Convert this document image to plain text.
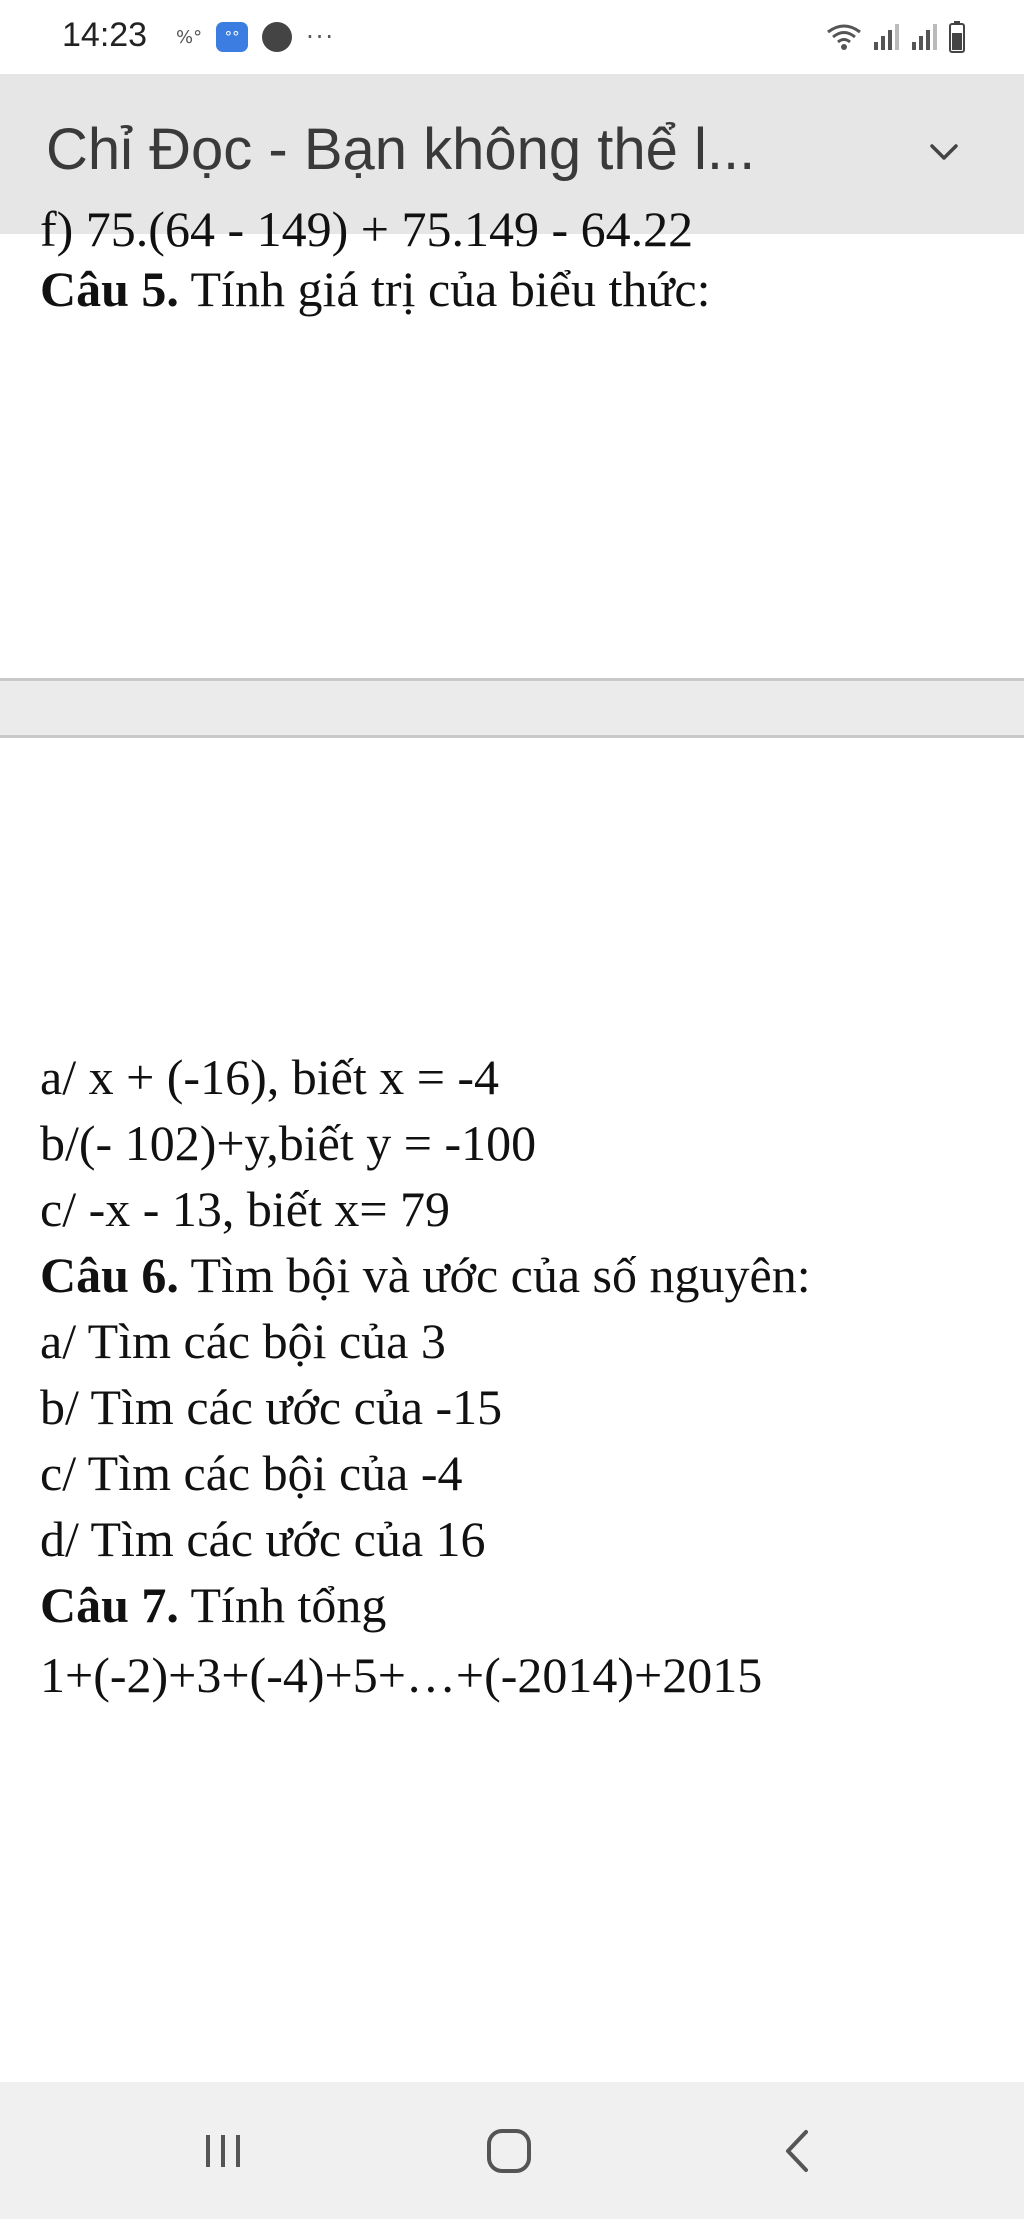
14:23 %°	°°	···
Chỉ Đọc - Bạn không thể l...
f) 75.(64 - 149) + 75.149 - 64.22
Câu 5. Tính giá trị của biểu thức:
a/ x + (-16), biết x = -4
b/(- 102)+y,biết y = -100
c/ -x - 13, biết x= 79
Câu 6. Tìm bội và ước của số nguyên:
a/ Tìm các bội của 3
b/ Tìm các ước của -15
c/ Tìm các bội của -4
d/ Tìm các ước của 16
Câu 7. Tính tổng
1+(-2)+3+(-4)+5+…+(-2014)+2015
